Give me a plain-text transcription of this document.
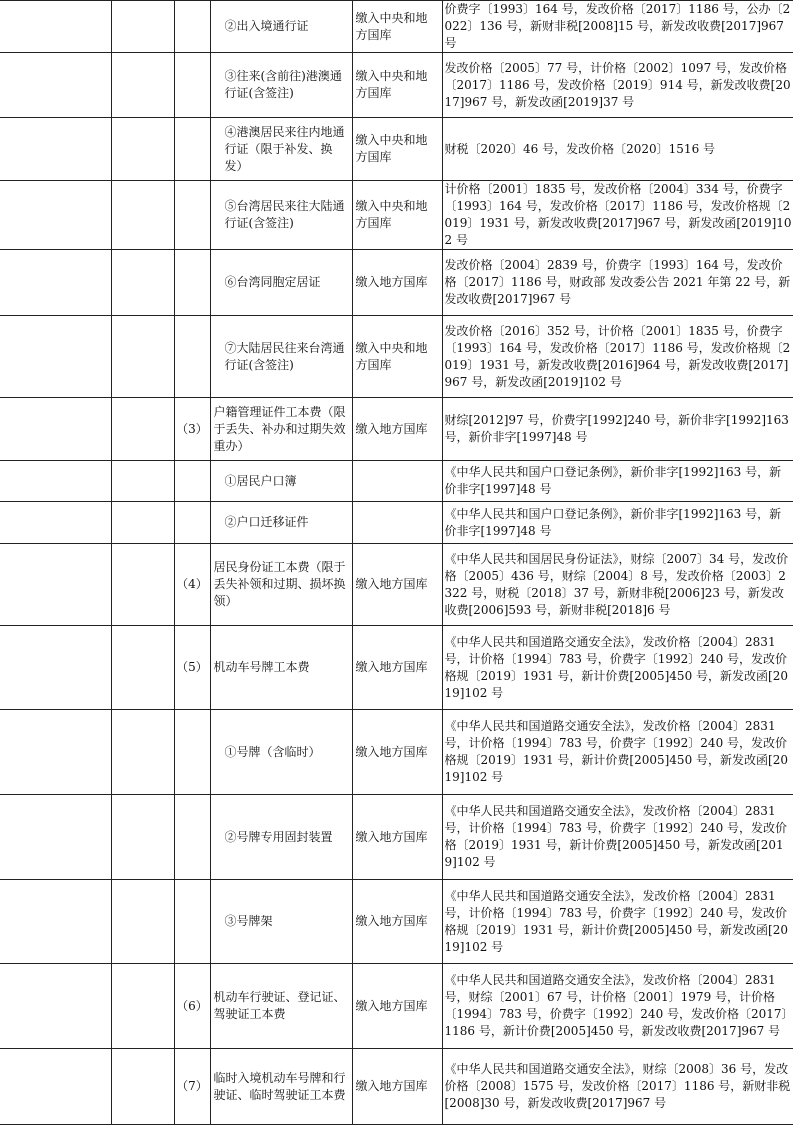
			②出入境通行证	缴入中央和地方国库	价费字〔1993〕164 号，发改价格〔2017〕1186 号，公办〔2022〕136 号，新财非税[2008]15 号，新发改收费[2017]967 号
			③往来(含前往)港澳通行证(含签注)	缴入中央和地方国库	发改价格〔2005〕77 号，计价格〔2002〕1097 号，发改价格〔2017〕1186 号，发改价格〔2019〕914 号，新发改收费[2017]967 号，新发改函[2019]37 号
			④港澳居民来往内地通行证（限于补发、换发）	缴入中央和地方国库	财税〔2020〕46 号，发改价格〔2020〕1516 号
			⑤台湾居民来往大陆通行证(含签注)	缴入中央和地方国库	计价格〔2001〕1835 号，发改价格〔2004〕334 号，价费字〔1993〕164 号，发改价格〔2017〕1186 号，发改价格规〔2019〕1931 号，新发改收费[2017]967 号，新发改函[2019]102 号
			⑥台湾同胞定居证	缴入地方国库	发改价格〔2004〕2839 号，价费字〔1993〕164 号，发改价格〔2017〕1186 号，财政部 发改委公告 2021 年第 22 号，新发改收费[2017]967 号
			⑦大陆居民往来台湾通行证(含签注)	缴入中央和地方国库	发改价格〔2016〕352 号，计价格〔2001〕1835 号，价费字〔1993〕164 号，发改价格〔2017〕1186 号，发改价格规〔2019〕1931 号，新发改收费[2016]964 号，新发改收费[2017]967 号，新发改函[2019]102 号
		（3）	户籍管理证件工本费（限于丢失、补办和过期失效重办）	缴入地方国库	财综[2012]97 号，价费字[1992]240 号，新价非字[1992]163 号，新价非字[1997]48 号
			①居民户口簿		《中华人民共和国户口登记条例》，新价非字[1992]163 号，新价非字[1997]48 号
			②户口迁移证件		《中华人民共和国户口登记条例》，新价非字[1992]163 号，新价非字[1997]48 号
		（4）	居民身份证工本费（限于丢失补领和过期、损坏换领）	缴入地方国库	《中华人民共和国居民身份证法》，财综〔2007〕34 号，发改价格〔2005〕436 号，财综〔2004〕8 号，发改价格〔2003〕2322 号，财税〔2018〕37 号，新财非税[2006]23 号，新发改收费[2006]593 号，新财非税[2018]6 号
		（5）	机动车号牌工本费	缴入地方国库	《中华人民共和国道路交通安全法》，发改价格〔2004〕2831 号，计价格〔1994〕783 号，价费字〔1992〕240 号，发改价格规〔2019〕1931 号，新计价费[2005]450 号，新发改函[2019]102 号
			①号牌（含临时）	缴入地方国库	《中华人民共和国道路交通安全法》，发改价格〔2004〕2831 号，计价格〔1994〕783 号，价费字〔1992〕240 号，发改价格规〔2019〕1931 号，新计价费[2005]450 号，新发改函[2019]102 号
			②号牌专用固封装置	缴入地方国库	《中华人民共和国道路交通安全法》，发改价格〔2004〕2831 号，计价格〔1994〕783 号，价费字〔1992〕240 号，发改价格〔2019〕1931 号，新计价费[2005]450 号，新发改函[2019]102 号
			③号牌架	缴入地方国库	《中华人民共和国道路交通安全法》，发改价格〔2004〕2831 号，计价格〔1994〕783 号，价费字〔1992〕240 号，发改价格规〔2019〕1931 号，新计价费[2005]450 号，新发改函[2019]102 号
		（6）	机动车行驶证、登记证、驾驶证工本费	缴入地方国库	《中华人民共和国道路交通安全法》，发改价格〔2004〕2831 号，财综〔2001〕67 号，计价格〔2001〕1979 号，计价格〔1994〕783 号，价费字〔1992〕240 号，发改价格〔2017〕1186 号，新计价费[2005]450 号，新发改收费[2017]967 号
		（7）	临时入境机动车号牌和行驶证、临时驾驶证工本费	缴入地方国库	《中华人民共和国道路交通安全法》，财综〔2008〕36 号，发改价格〔2008〕1575 号，发改价格〔2017〕1186 号，新财非税[2008]30 号，新发改收费[2017]967 号
